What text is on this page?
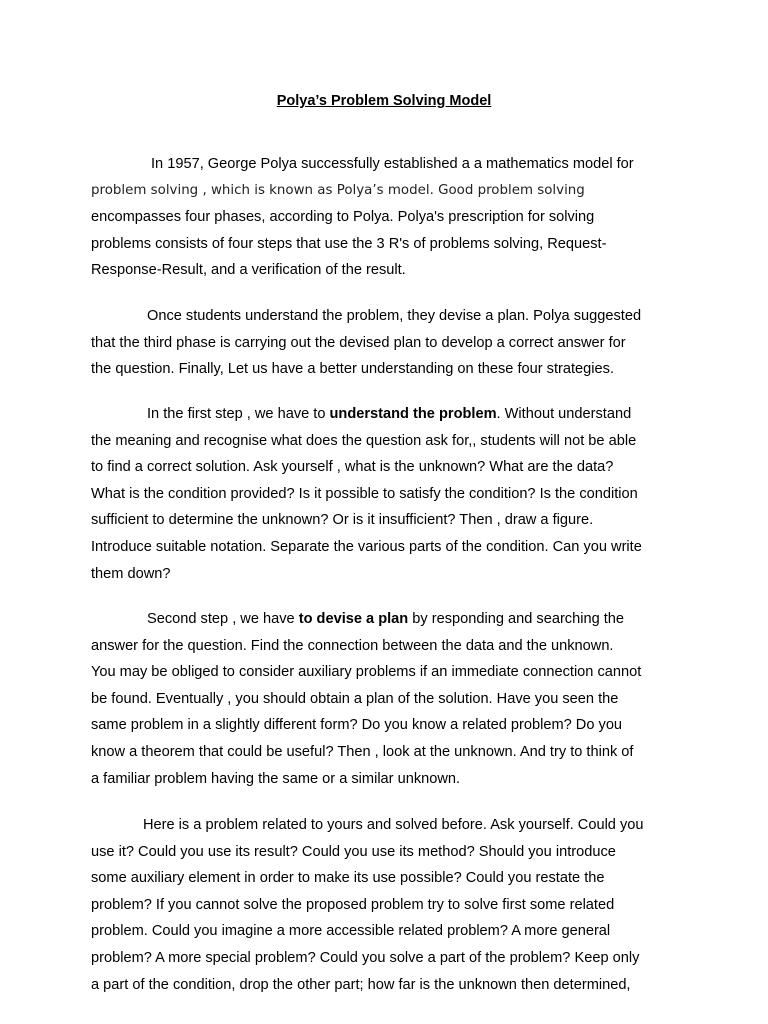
Polya’s Problem Solving Model
In 1957, George Polya successfully established a a mathematics model for
problem solving , which is known as Polya’s model. Good problem solving
encompasses four phases, according to Polya. Polya's prescription for solving
problems consists of four steps that use the 3 R's of problems solving, Request-
Response-Result, and a verification of the result.
Once students understand the problem, they devise a plan. Polya suggested
that the third phase is carrying out the devised plan to develop a correct answer for
the question. Finally, Let us have a better understanding on these four strategies.
In the first step , we have to understand the problem. Without understand
the meaning and recognise what does the question ask for,, students will not be able
to find a correct solution. Ask yourself , what is the unknown? What are the data?
What is the condition provided? Is it possible to satisfy the condition? Is the condition
sufficient to determine the unknown? Or is it insufficient? Then , draw a figure.
Introduce suitable notation. Separate the various parts of the condition. Can you write
them down?
Second step , we have to devise a plan by responding and searching the
answer for the question. Find the connection between the data and the unknown.
You may be obliged to consider auxiliary problems if an immediate connection cannot
be found. Eventually , you should obtain a plan of the solution. Have you seen the
same problem in a slightly different form? Do you know a related problem? Do you
know a theorem that could be useful? Then , look at the unknown. And try to think of
a familiar problem having the same or a similar unknown.
Here is a problem related to yours and solved before. Ask yourself. Could you
use it? Could you use its result? Could you use its method? Should you introduce
some auxiliary element in order to make its use possible? Could you restate the
problem? If you cannot solve the proposed problem try to solve first some related
problem. Could you imagine a more accessible related problem? A more general
problem? A more special problem? Could you solve a part of the problem? Keep only
a part of the condition, drop the other part; how far is the unknown then determined,
